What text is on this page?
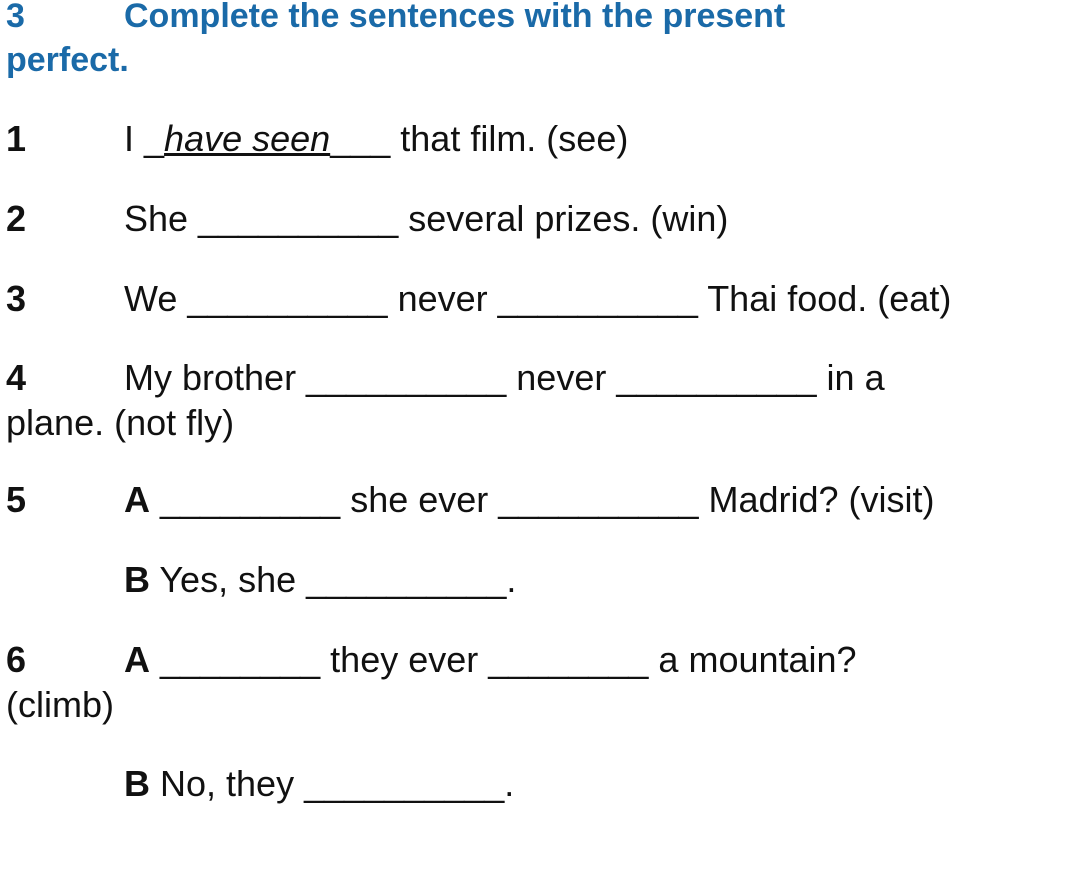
3	Complete the sentences with the present
perfect.
1	I _have seen___ that film. (see)
2	She __________ several prizes. (win)
3	We __________ never __________ Thai food. (eat)
4	My brother __________ never __________ in a
plane. (not fly)
5	A _________ she ever __________ Madrid? (visit)
B Yes, she __________.
6	A ________ they ever ________ a mountain?
(climb)
B No, they __________.
